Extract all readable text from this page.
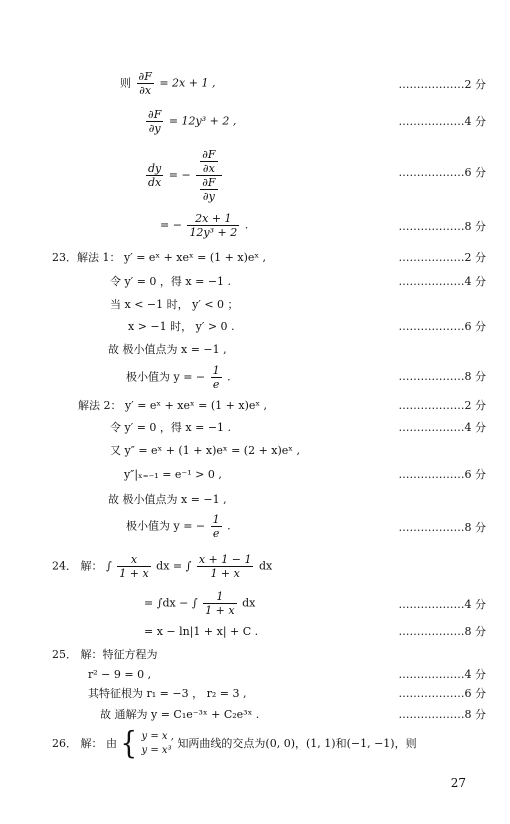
则 $\frac{\partial F}{\partial x} = 2x + 1$ ,	………………2 分
$\frac{\partial F}{\partial y} = 12y^3 + 2$ ,	………………4 分
$\frac{dy}{dx}$ = − $\frac{\frac{\partial F}{\partial x}}{\frac{\partial F}{\partial y}}$	………………6 分
= − $\frac{2x + 1}{\text{12y³ + 2}}$ .	………………8 分
23．解法 1： y′ = eˣ + xeˣ = (1 + x)eˣ ,	………………2 分
令 y′ = 0 ，得 x = −1 .	………………4 分
当 x < −1 时， y′ < 0 ；
x > −1 时， y′ > 0 .	………………6 分
故 极小值点为 x = −1 ,
极小值为 y = − $\frac{1}{e}$ .	………………8 分
解法 2： y′ = eˣ + xeˣ = (1 + x)eˣ ,	………………2 分
令 y′ = 0 ，得 x = −1 .	………………4 分
又 y″ = eˣ + (1 + x)eˣ = (2 + x)eˣ ,
y″|ₓ₌₋₁ = e⁻¹ > 0 ,	………………6 分
故 极小值点为 x = −1 ,
极小值为 y = − $\frac{1}{e}$ .	………………8 分
24． 解： ∫ $\frac{x}{1 + x}$ dx = ∫ $\frac{x + 1 - 1}{1 + x}$ dx
= ∫dx − ∫ $\frac{1}{1 + x}$ dx	………………4 分
= x − ln|1 + x| + C .	………………8 分
25． 解：特征方程为
r² − 9 = 0 ,	………………4 分
其特征根为 r₁ = −3 ， r₂ = 3 ,	………………6 分
故 通解为 y = C₁e⁻³ˣ + C₂e³ˣ .	………………8 分
26． 解： 由 { y = x ,
y = x³ 知两曲线的交点为(0, 0)，(1, 1)和(−1, −1)，则
27
